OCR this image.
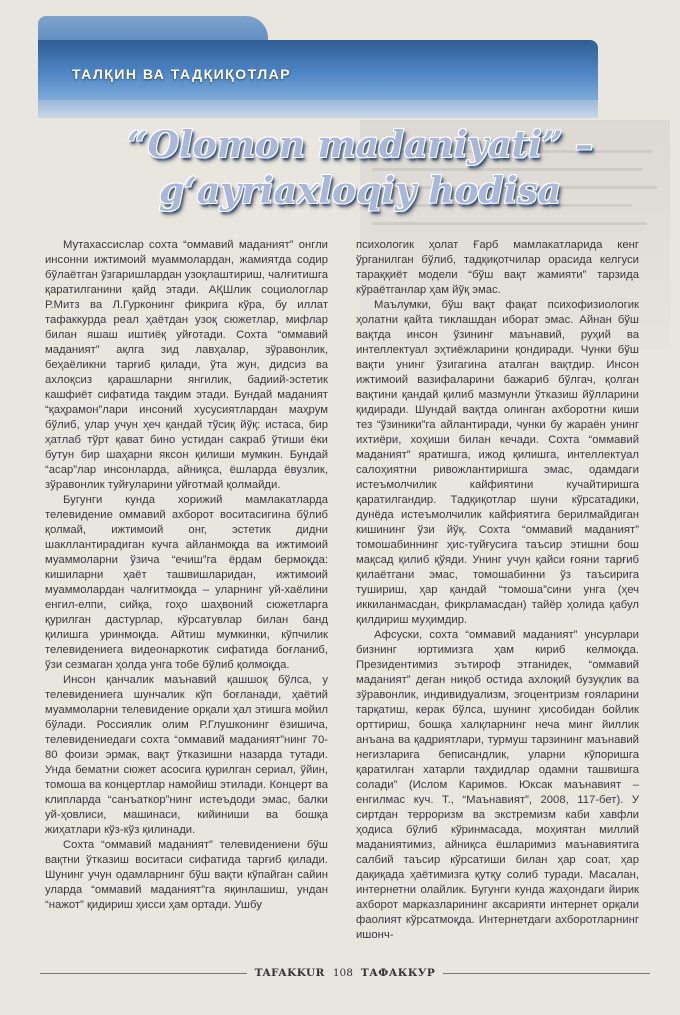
ТАЛҚИН ВА ТАДҚИҚОТЛАР
“Olomon madaniyati” –
g‘ayriaxloqiy hodisa

Мутахассислар сохта “оммавий маданият” онгли инсонни ижтимоий муаммолардан, жамиятда содир бўлаётган ўзгаришлардан узоқлаштириш, чалғитишга қаратилганини қайд этади. АҚШлик социологлар Р.Митз ва Л.Гурконинг фикрига кўра, бу иллат тафаккурда реал ҳаётдан узоқ сюжетлар, мифлар билан яшаш иштиёқ уйғотади. Сохта “оммавий маданият” ақлга зид лавҳалар, зўравонлик, беҳаёликни тарғиб қилади, ўта жун, дидсиз ва ахлоқсиз қарашларни янгилик, бадиий-эстетик кашфиёт сифатида тақдим этади. Бундай маданият “қаҳрамон”лари инсоний хусусиятлардан маҳрум бўлиб, улар учун ҳеч қандай тўсиқ йўқ: истаса, бир ҳатлаб тўрт қават бино устидан сакраб ўтиши ёки бутун бир шаҳарни яксон қилиши мумкин. Бундай “асар”лар инсонларда, айниқса, ёшларда ёвузлик, зўравонлик туйғуларини уйғотмай қолмайди.

Бугунги кунда хорижий мамлакатларда телевидение оммавий ахборот воситасигина бўлиб қолмай, ижтимоий онг, эстетик дидни шакллантирадиган кучга айланмоқда ва ижтимоий муаммоларни ўзича “ечиш”га ёрдам бермоқда: кишиларни ҳаёт ташвишларидан, ижтимоий муаммолардан чалғитмоқда – уларнинг уй-хаёлини енгил-елпи, сийқа, гоҳо шаҳвоний сюжетларга қурилган дастурлар, кўрсатувлар билан банд қилишга уринмоқда. Айтиш мумкинки, кўпчилик телевидениега видеонаркотик сифатида боғланиб, ўзи сезмаган ҳолда унга тобе бўлиб қолмоқда.

Инсон қанчалик маънавий қашшоқ бўлса, у телевидениега шунчалик кўп боғланади, ҳаётий муаммоларни телевидение орқали ҳал этишга мойил бўлади. Россиялик олим Р.Глушконинг ёзишича, телевидениедаги сохта “оммавий маданият”нинг 70-80 фоизи эрмак, вақт ўтказишни назарда тутади. Унда бематни сюжет асосига қурилган сериал, ўйин, томоша ва концертлар намойиш этилади. Концерт ва клипларда “санъаткор”нинг истеъдоди эмас, балки уй-ҳовлиси, машинаси, кийиниши ва бошқа жиҳатлари кўз-кўз қилинади.

Сохта “оммавий маданият” телевидениени бўш вақтни ўтказиш воситаси сифатида тарғиб қилади. Шунинг учун одамларнинг бўш вақти кўпайган сайин уларда “оммавий маданият”га яқинлашиш, ундан “нажот” қидириш ҳисси ҳам ортади. Ушбу

психологик ҳолат Ғарб мамлакатларида кенг ўрганилган бўлиб, тадқиқотчилар орасида келгуси тараққиёт модели “бўш вақт жамияти” тарзида кўраётганлар ҳам йўқ эмас.

Маълумки, бўш вақт фақат психофизиологик ҳолатни қайта тиклашдан иборат эмас. Айнан бўш вақтда инсон ўзининг маънавий, руҳий ва интеллектуал эҳтиёжларини қондиради. Чунки бўш вақти унинг ўзигагина аталган вақтдир. Инсон ижтимоий вазифаларини бажариб бўлгач, қолган вақтини қандай қилиб мазмунли ўтказиш йўлларини қидиради. Шундай вақтда олинган ахборотни киши тез “ўзиники”га айлантиради, чунки бу жараён унинг ихтиёри, хоҳиши билан кечади. Сохта “оммавий маданият” яратишга, ижод қилишга, интеллектуал салоҳиятни ривожлантиришга эмас, одамдаги истеъмолчилик кайфиятини кучайтиришга қаратилгандир. Тадқиқотлар шуни кўрсатадики, дунёда истеъмолчилик кайфиятига берилмайдиган кишининг ўзи йўқ. Сохта “оммавий маданият” томошабиннинг ҳис-туйғусига таъсир этишни бош мақсад қилиб қўяди. Унинг учун қайси ғояни тарғиб қилаётгани эмас, томошабинни ўз таъсирига тушириш, ҳар қандай “томоша”сини унга (ҳеч иккиланмасдан, фикрламасдан) тайёр ҳолида қабул қилдириш муҳимдир.

Афсуски, сохта “оммавий маданият” унсурлари бизнинг юртимизга ҳам кириб келмоқда. Президентимиз эътироф этганидек, “оммавий маданият” деган ниқоб остида ахлоқий бузуқлик ва зўравонлик, индивидуализм, эгоцентризм ғояларини тарқатиш, керак бўлса, шунинг ҳисобидан бойлик орттириш, бошқа халқларнинг неча минг йиллик анъана ва қадриятлари, турмуш тарзининг маънавий негизларига беписандлик, уларни кўпоришга қаратилган хатарли таҳдидлар одамни ташвишга солади” (Ислом Каримов. Юксак маънавият – енгилмас куч. Т., “Маънавият”, 2008, 117-бет). У сиртдан терроризм ва экстремизм каби хавфли ҳодиса бўлиб кўринмасада, моҳиятан миллий маданиятимиз, айниқса ёшларимиз маънавиятига салбий таъсир кўрсатиши билан ҳар соат, ҳар дақиқада ҳаётимизга қутқу солиб туради. Масалан, интернетни олайлик. Бугунги кунда жаҳондаги йирик ахборот марказларининг аксарияти интернет орқали фаолият кўрсатмоқда. Интернетдаги ахборотларнинг ишонч-

TAFAKKUR 108 ТАФАККУР
